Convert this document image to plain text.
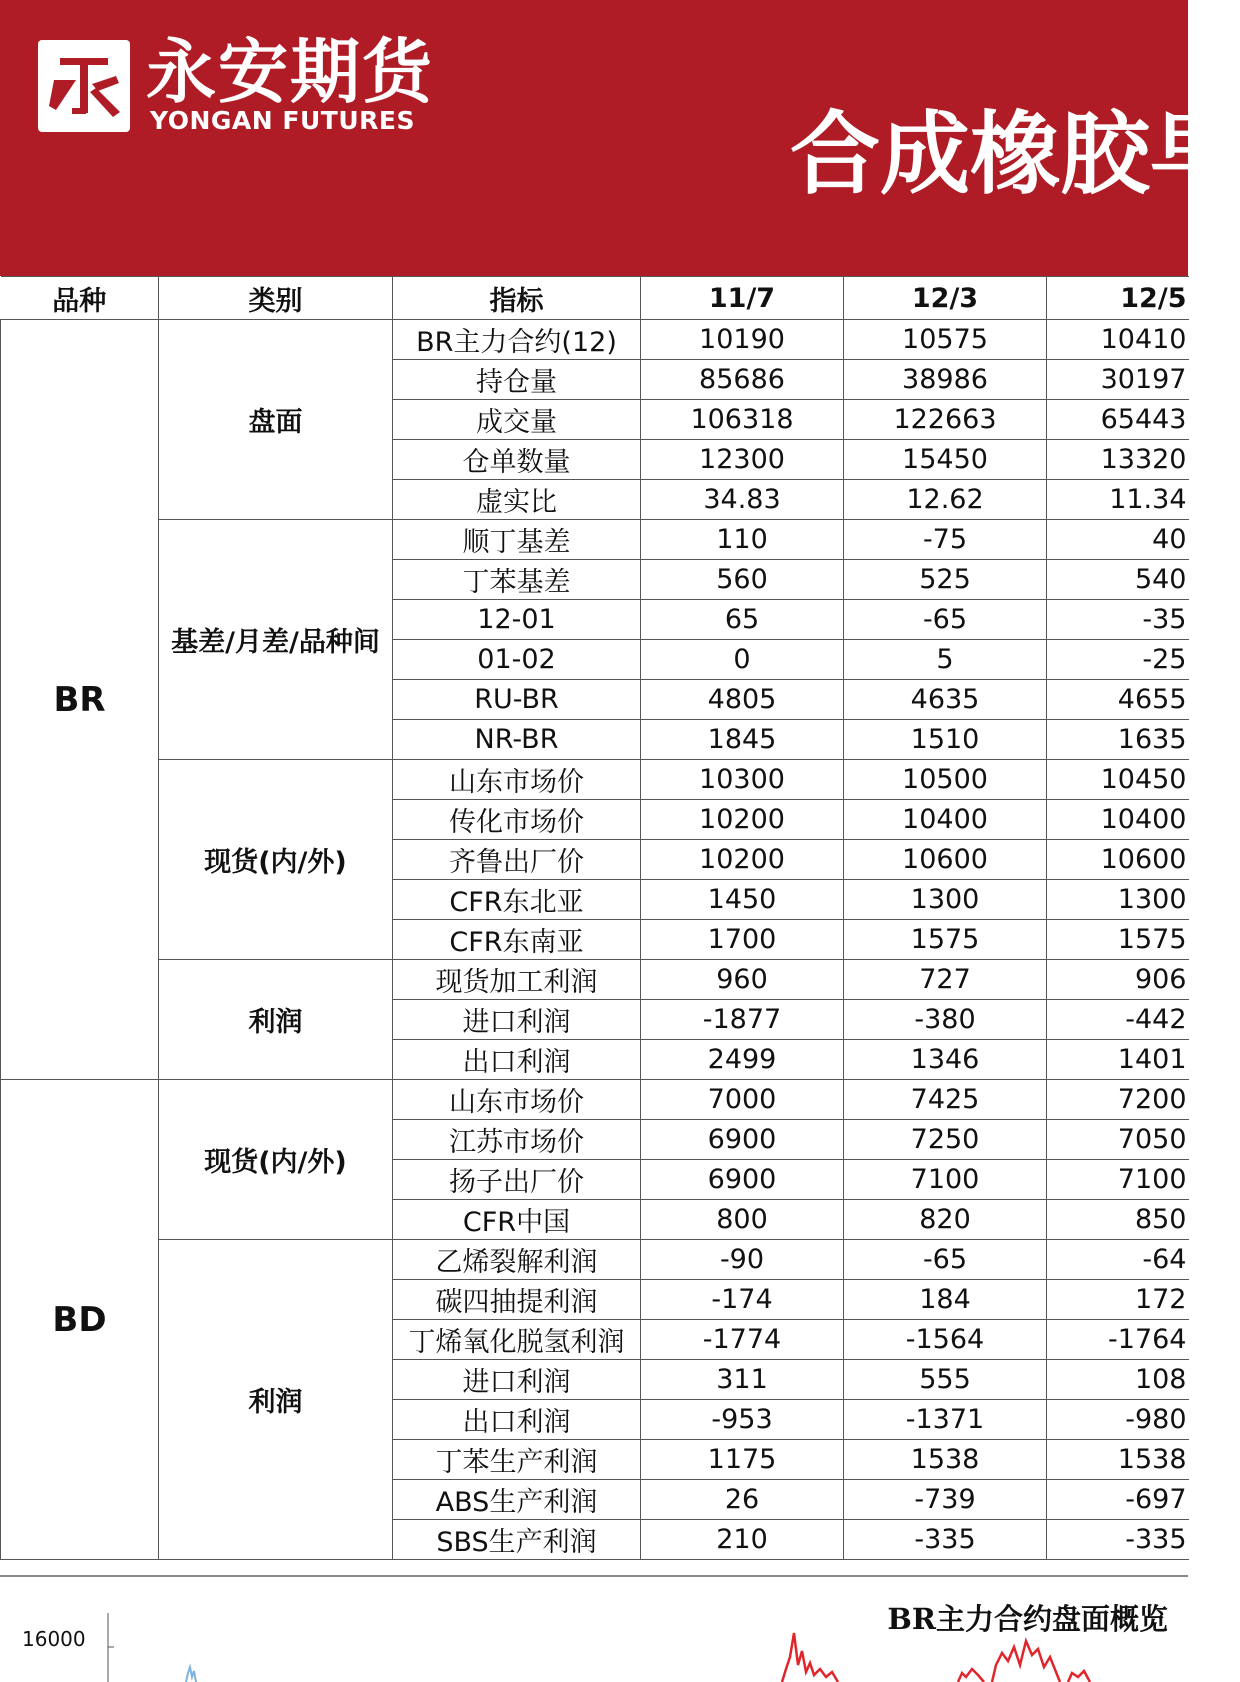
永安期货
YONGAN FUTURES	合成橡胶早
品种	类别	指标	11/7	12/3	12/5
BR	盘面	BR主力合约(12)	10190	10575	10410
		持仓量	85686	38986	30197
		成交量	106318	122663	65443
		仓单数量	12300	15450	13320
		虚实比	34.83	12.62	11.34
	基差/月差/品种间	顺丁基差	110	-75	40
		丁苯基差	560	525	540
		12-01	65	-65	-35
		01-02	0	5	-25
		RU-BR	4805	4635	4655
		NR-BR	1845	1510	1635
	现货(内/外)	山东市场价	10300	10500	10450
		传化市场价	10200	10400	10400
		齐鲁出厂价	10200	10600	10600
		CFR东北亚	1450	1300	1300
		CFR东南亚	1700	1575	1575
	利润	现货加工利润	960	727	906
		进口利润	-1877	-380	-442
		出口利润	2499	1346	1401
BD	现货(内/外)	山东市场价	7000	7425	7200
		江苏市场价	6900	7250	7050
		扬子出厂价	6900	7100	7100
		CFR中国	800	820	850
	利润	乙烯裂解利润	-90	-65	-64
		碳四抽提利润	-174	184	172
		丁烯氧化脱氢利润	-1774	-1564	-1764
		进口利润	311	555	108
		出口利润	-953	-1371	-980
		丁苯生产利润	1175	1538	1538
		ABS生产利润	26	-739	-697
		SBS生产利润	210	-335	-335
BR主力合约盘面概览
16000
